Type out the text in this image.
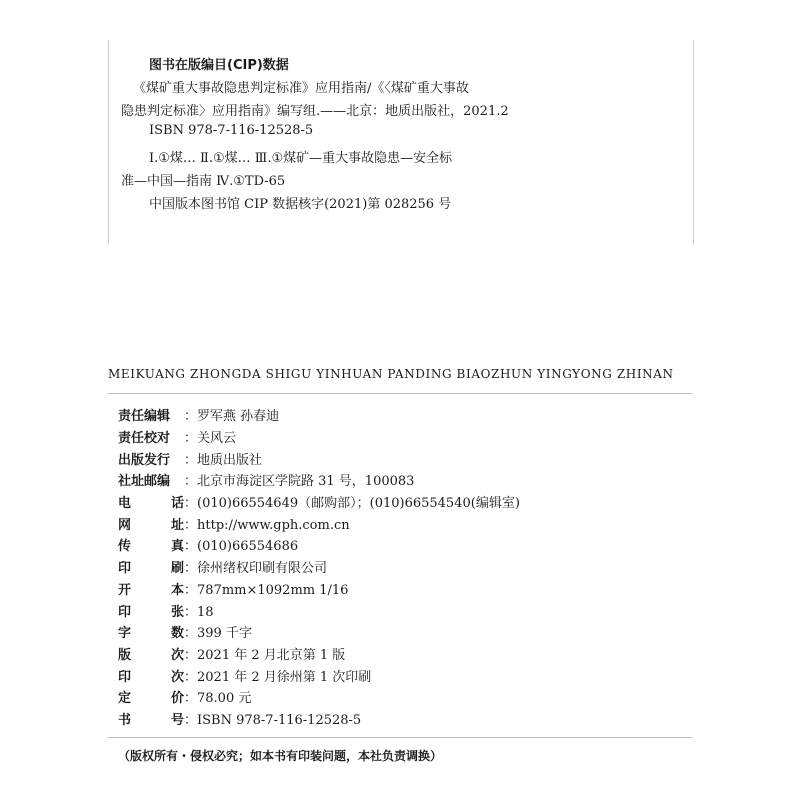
图书在版编目(CIP)数据
《煤矿重大事故隐患判定标准》应用指南/《〈煤矿重大事故
隐患判定标准〉应用指南》编写组.——北京：地质出版社，2021.2
ISBN 978-7-116-12528-5
Ⅰ.①煤… Ⅱ.①煤… Ⅲ.①煤矿—重大事故隐患—安全标
准—中国—指南 Ⅳ.①TD-65
中国版本图书馆 CIP 数据核字(2021)第 028256 号
MEIKUANG ZHONGDA SHIGU YINHUAN PANDING BIAOZHUN YINGYONG ZHINAN
责任编辑	：罗军燕 孙春迪
责任校对	：关风云
出版发行	：地质出版社
社址邮编	：北京市海淀区学院路 31 号，100083
电	话 ：(010)66554649（邮购部）；(010)66554540(编辑室)
网	址 ：http://www.gph.com.cn
传	真 ：(010)66554686
印	刷 ：徐州绪权印刷有限公司
开	本 ：787mm×1092mm 1/16
印	张 ：18
字	数 ：399 千字
版	次 ：2021 年 2 月北京第 1 版
印	次 ：2021 年 2 月徐州第 1 次印刷
定	价 ：78.00 元
书	号 ：ISBN 978-7-116-12528-5
（版权所有・侵权必究；如本书有印装问题，本社负责调换）
